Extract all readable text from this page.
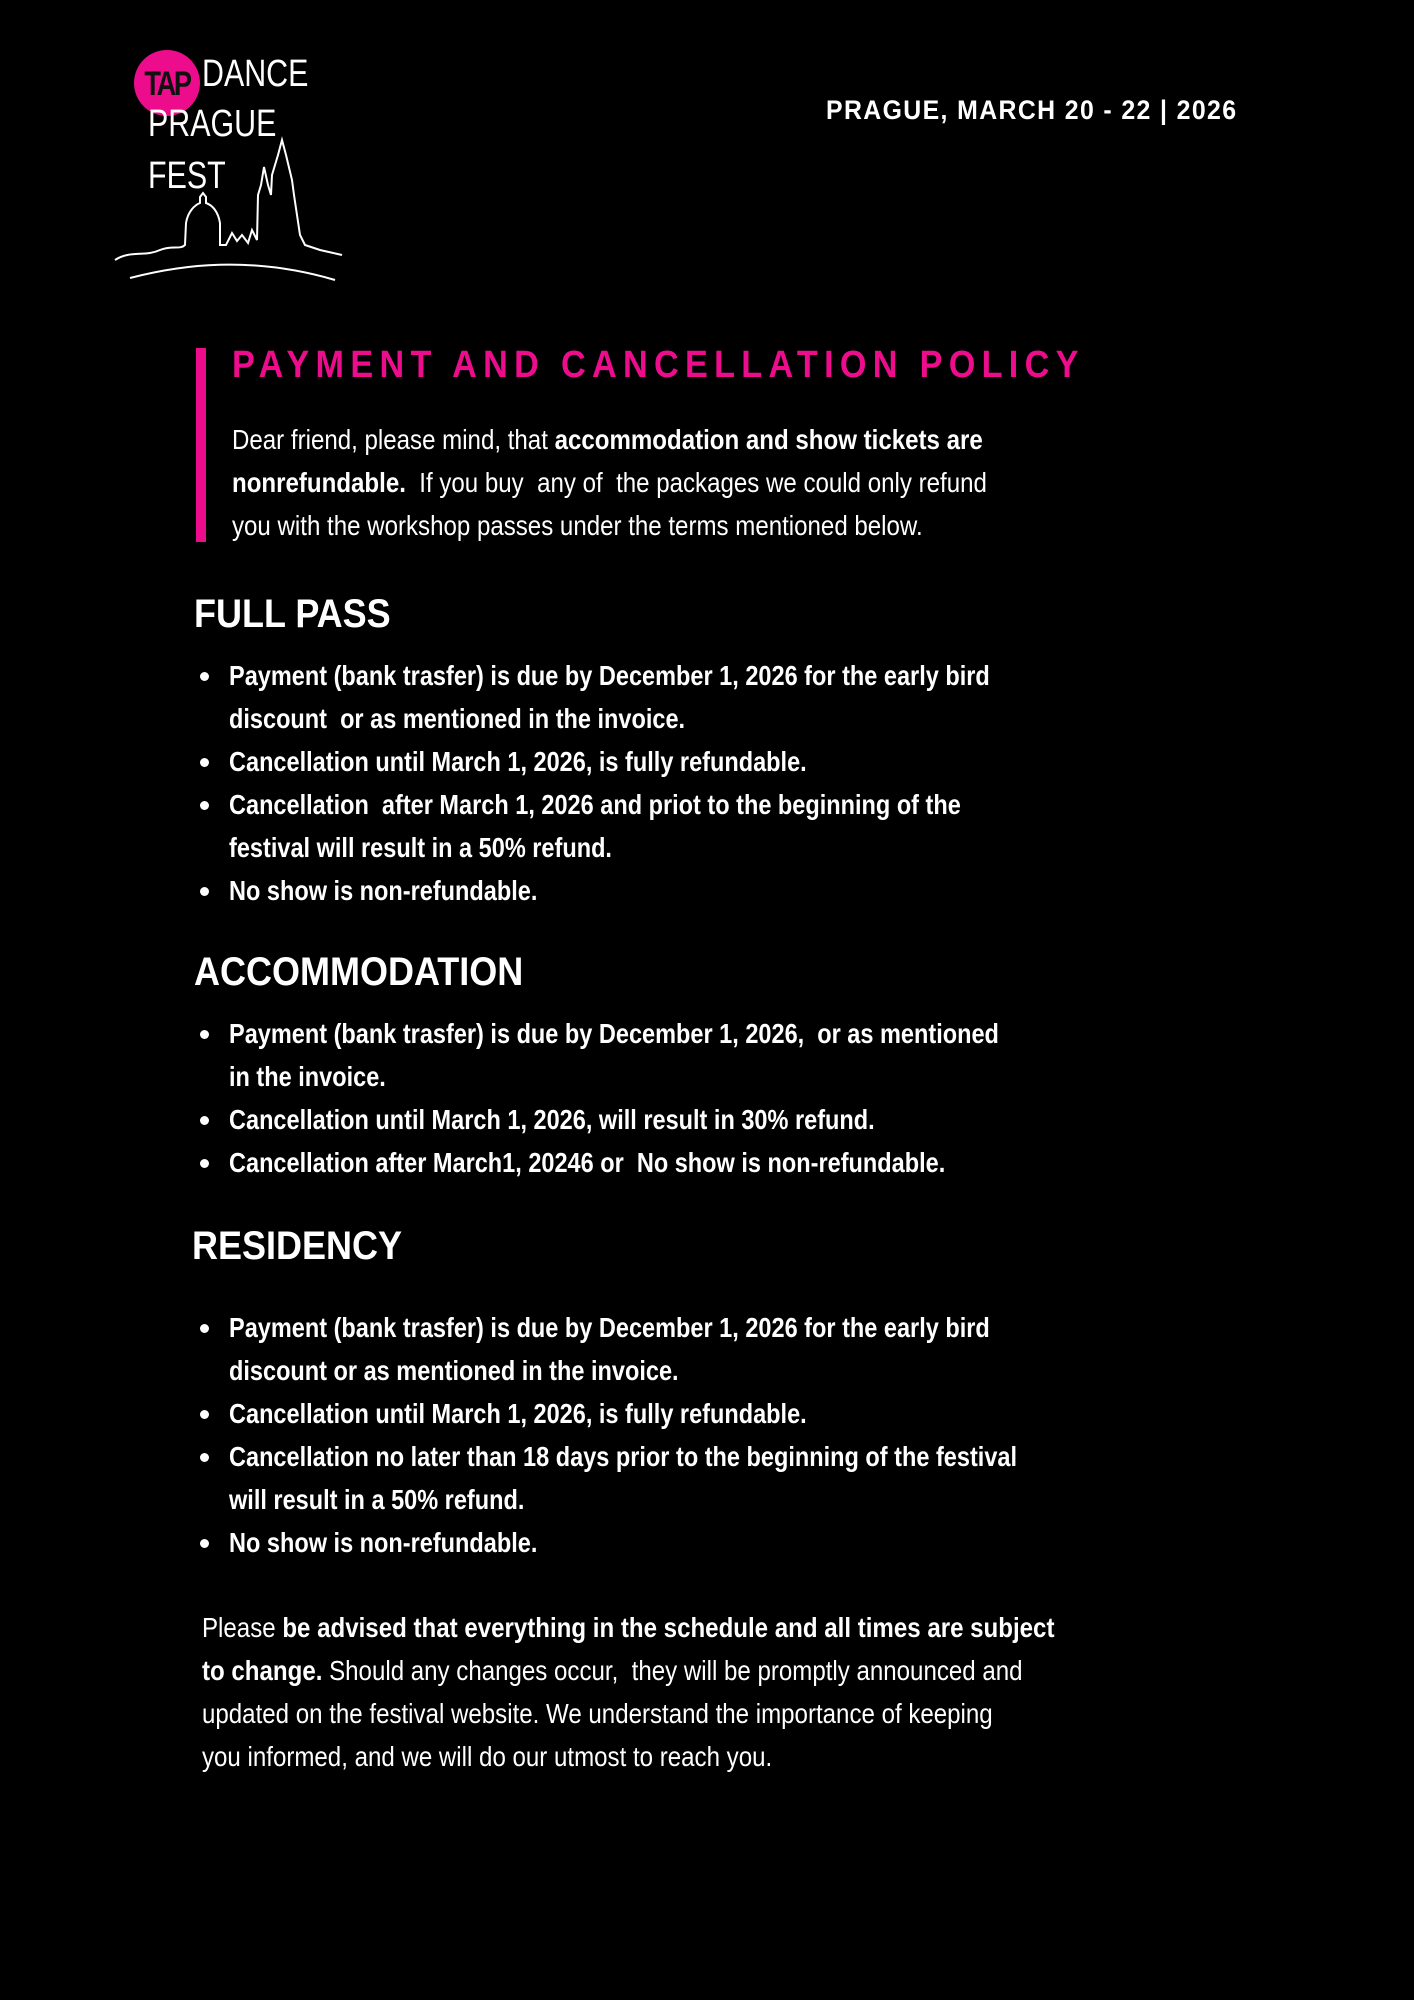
TAP DANCE
PRAGUE
FEST
PRAGUE, MARCH 20 - 22 | 2026
PAYMENT AND CANCELLATION POLICY
Dear friend, please mind, that accommodation and show tickets are
nonrefundable.  If you buy  any of  the packages we could only refund
you with the workshop passes under the terms mentioned below.
FULL PASS
Payment (bank trasfer) is due by December 1, 2026 for the early bird
discount  or as mentioned in the invoice.
Cancellation until March 1, 2026, is fully refundable.
Cancellation  after March 1, 2026 and priot to the beginning of the
festival will result in a 50% refund.
No show is non-refundable.
ACCOMMODATION
Payment (bank trasfer) is due by December 1, 2026,  or as mentioned
in the invoice.
Cancellation until March 1, 2026, will result in 30% refund.
Cancellation after March1, 20246 or  No show is non-refundable.
RESIDENCY
Payment (bank trasfer) is due by December 1, 2026 for the early bird
discount or as mentioned in the invoice.
Cancellation until March 1, 2026, is fully refundable.
Cancellation no later than 18 days prior to the beginning of the festival
will result in a 50% refund.
No show is non-refundable.
Please be advised that everything in the schedule and all times are subject
to change. Should any changes occur,  they will be promptly announced and
updated on the festival website. We understand the importance of keeping
you informed, and we will do our utmost to reach you.
